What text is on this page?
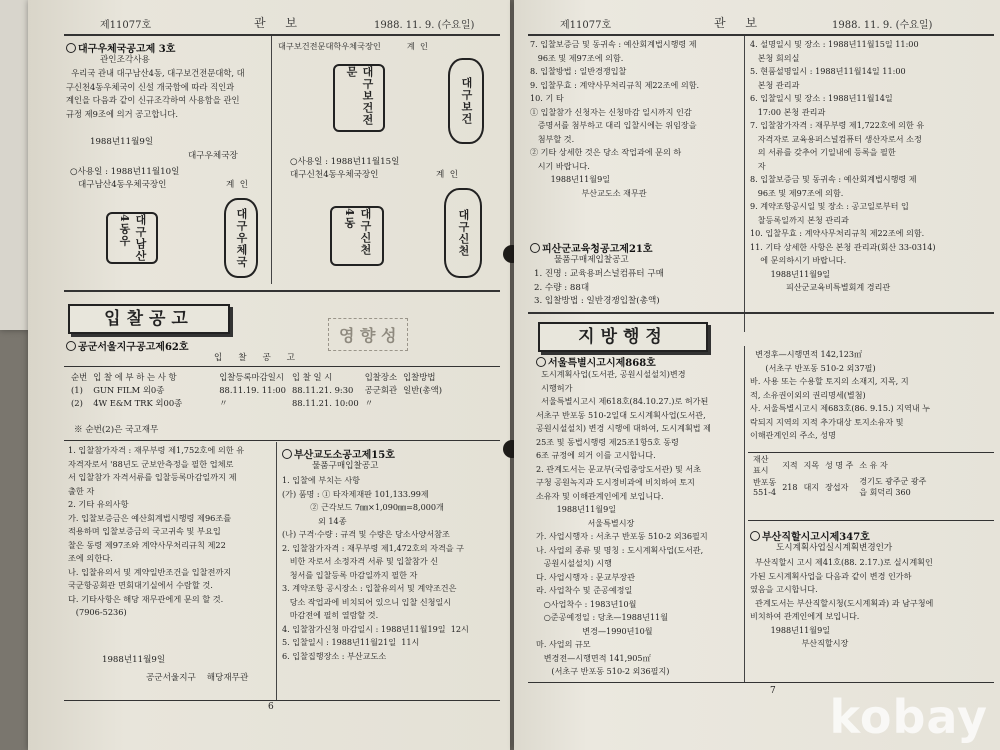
제11077호	관 보	1988. 11. 9. (수요일)
대구우체국공고제 3호
관인조각사용
우리국 관내 대구남산4동, 대구보건전문대학, 대
구신천4동우체국이 신설 개국함에 따라 직인과
계인을 다음과 같이 신규조각하여 사용함을 관인
규정 제9조에 의거 공고합니다.
1988년11월9일
대구우체국장
○사용일 : 1988년11월10일
대구남산4동우체국장인	계  인
대구남산4동우	대구우체국
대구보건전문대학우체국장인          계  인
대구보건전문
대구보건
○사용일 : 1988년11월15일
대구신천4동우체국장인	계  인
대구신천4동	대구신천
입찰공고
영 향 성
공군서울지구공고제62호
입    찰    공    고
순번	입 찰 에 부 하 는 사 항	입찰등록마감일시	입 찰 일 시	입찰장소	입찰방법
(1)	GUN FILM 외0종	88.11.19. 11:00	88.11.21. 9:30	공군회관	일반(총액)
(2)	4W E&M TRK 외00종	〃	88.11.21. 10:00	〃	
※ 순번(2)은 국고재무
1. 입찰참가자격 : 재무부령 제1,752호에 의한 유
자격자로서 '88년도 군보안측정을 필한 업체로
서 입찰참가 자격서류를 입찰등록마감일까지 제
출한 자
2. 기타 유의사항
가. 입찰보증금은 예산회계법시행령 제96조를
적용하며 입찰보증금의 국고귀속 및 부요입
찰은 동령 제97조와 계약사무처리규칙 제22
조에 의한다.
나. 입찰유의서 및 계약일반조건을 입찰전까지
국군항공회관 면회대기실에서 수람할 것.
다. 기타사항은 해당 재무관에게 문의 할 것.
(7906-5236)
1988년11월9일
공군서울지구    해당재무관
부산교도소공고제15호
물품구매입찰공고
1. 입찰에 부치는 사항
(가) 품명 : ① 타자제재판 101,133.99제
② 근각보드 7㎜×1,090㎜=8,000개
외 14종
(나) 구격·수량 : 규격 및 수량은 당소사양서참조
2. 입찰참가자격 : 재무부령 제1,472호의 자격을 구
비한 자로서 소정자격 서류 및 입찰참가 신
청서를 입찰등록 마감일까지 필한 자
3. 계약조항 공시장소 : 입찰유의서 및 계약조건은
당소 작업과에 비치되어 있으니 입찰 신청일시
마감전에 필히 열람할 것.
4. 입찰참가신청 마감일시 : 1988년11월19일  12시
5. 입찰일시 : 1988년11월21일  11시
6. 입찰집행장소 : 부산교도소
6
제11077호	관 보	1988. 11. 9. (수요일)
7. 입찰보증금 및 동귀속 : 예산회계법시행령 제
96조 및 제97조에 의함.
8. 입찰방법 : 일반경쟁입찰
9. 입찰무효 : 계약사무처리규칙 제22조에 의함.
10. 기 타
① 입찰참가 신청자는 신청마감 일시까지 인감
증명서를 첨부하고 대리 입찰시에는 위임장을
첨부할 것.
② 기타 상세한 것은 당소 작업과에 문의 하
시기 바랍니다.
1988년11월9일
부산교도소 재무관
피산군교육청공고제21호
물품구매제입찰공고
1. 진명 : 교육용퍼스널컴퓨터 구매
2. 수량 : 88대
3. 입찰방법 : 일반경쟁입찰(총액)
4. 설명일시 및 장소 : 1988년11월15일 11:00
본청 회의실
5. 현품설명일시 : 1988년11월14일 11:00
본청 관리과
6. 입찰일시 및 장소 : 1988년11월14일
17:00 본청 관리과
7. 입찰참가자격 : 재무부령 제1,722호에 의한 유
자격자로 교육용퍼스널컴퓨터 생산자로서 소정
의 서류를 갖추어 기일내에 등록을 필한
자
8. 입찰보증금 및 동귀속 : 예산회계법시행령 제
96조 및 제97조에 의함.
9. 계약조항공시일 및 장소 : 공고일로부터 입
찰등록일까지 본청 관리과
10. 입찰무효 : 계약사무처리규칙 제22조에 의함.
11. 기타 상세한 사항은 본청 관리과(회산 33-0314)
에 문의하시기 바랍니다.
1988년11월9일
피산군교육비특별회계 경리관
지방행정
서울특별시고시제868호
도시계획사업(도서관, 공원시설설치)변경
시행허가
서울특별시고시 제618호(84.10.27.)로 허가된
서초구 반포동 510-2일대 도시계획사업(도서관,
공원시설설치) 변경 시행에 대하여, 도시계획법 제
25조 및 동법시행령 제25조1항5호 동령
6조 규정에 의거 이를 고시합니다.
2. 관계도서는 문교부(국립중앙도서관) 및 서초
구청 공원녹지과 도시정비과에 비치하여 토지
소유자 및 이해관계인에게 보입니다.
1988년11월9일
서울특별시장
가. 사업시행자 : 서초구 반포동 510-2 외36필지
나. 사업의 종류 및 명칭 : 도시계획사업(도서관,
공원시설설치) 시행
다. 사업시행자 : 문교부장관
라. 사업착수 및 준공예정일
○사업착수 : 1983년10월
○준공예정일 : 당초—1988년11월
변경—1990년10월
마. 사업의 규모
변경전—시행면적 141,905㎡
(서초구 반포동 510-2 외36필지)
변경후—시행면적 142,123㎡
(서초구 반포동 510-2 외37필)
바. 사용 또는 수용할 토지의 소재지, 지목, 지
적, 소유권이외의 권리명세(별첨)
사. 서울특별시고시 제683호(86. 9.15.) 지역내 누
락되지 지역의 지적 추가대상 토지소유자 및
이해관계인의 주소, 성명
재산
표시	지적	지목	성 명 주	소 유 자
반포동
551-4	218	대지	장섭자	경기도 광주군 광주
읍 회덕리 360
부산직할시고시제347호
도시계획사업실시계획변경인가
부산직할시 고시 제41호(88. 2.17.)로 실시계획인
가된 도시계획사업을 다음과 같이 변경 인가하
였음을 고시합니다.
관계도서는 부산직할시청(도시계획과) 과 남구청에
비치하여 관계인에게 보입니다.
1988년11월9일
부산직할시장
7 kobay
